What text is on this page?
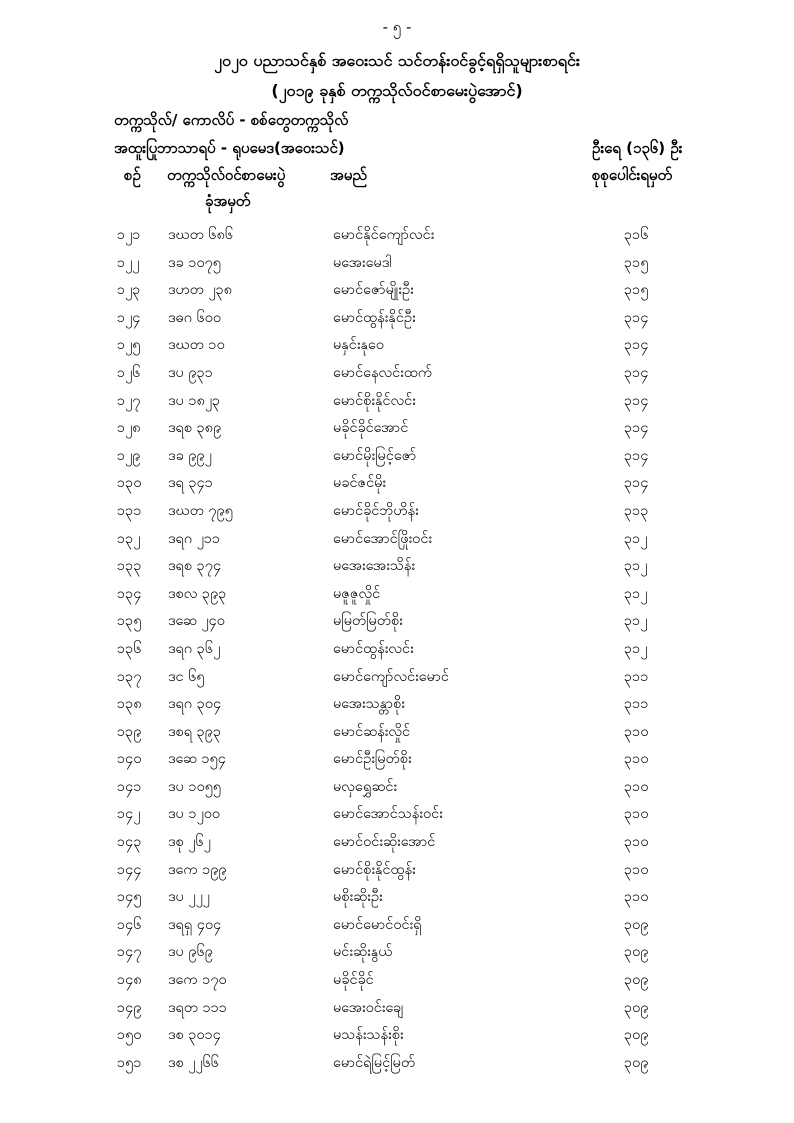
- ၅ -
၂၀၂၀ ပညာသင်နှစ် အဝေးသင် သင်တန်းဝင်ခွင့်ရရှိသူများစာရင်း
(၂၀၁၉ ခုနှစ် တက္ကသိုလ်ဝင်စာမေးပွဲအောင်)
တက္ကသိုလ်/ ကောလိပ် - စစ်တွေတက္ကသိုလ်
အထူးပြုဘာသာရပ် - ရုပမေဒ(အဝေးသင်)	ဦးရေ (၁၃၆) ဦး
စဉ် တက္ကသိုလ်ဝင်စာမေးပွဲ
ခုံအမှတ်
အမည်	စုစုပေါင်းရမှတ်
၁၂၁ ဒဃတ ၆၈၆	မောင်နိုင်ကျော်လင်း	၃၁၆
၁၂၂ ဒခ ၁၀၇၅	မအေးမေဒါ	၃၁၅
၁၂၃ ဒဟတ ၂၃၈	မောင်ဇော်မျိုးဦး	၃၁၅
၁၂၄ ဒဓဂ ၆၀၀	မောင်ထွန်းနိုင်ဦး	၃၁၄
၁၂၅ ဒဃတ ၁၀	မနှင်းနုဝေ	၃၁၄
၁၂၆ ဒပ ၉၃၁	မောင်နေလင်းထက်	၃၁၄
၁၂၇ ဒပ ၁၈၂၃	မောင်စိုးနိုင်လင်း	၃၁၄
၁၂၈ ဒရစ ၃၈၉	မခိုင်ခိုင်အောင်	၃၁၄
၁၂၉ ဒခ ၉၉၂	မောင်မိုးမြင့်ဇော်	၃၁၄
၁၃၀ ဒရ ၃၄၁	မခင်ဇင်မိုး	၃၁၄
၁၃၁ ဒဃတ ၇၉၅	မောင်ခိုင်ဘိုဟိန်း	၃၁၃
၁၃၂ ဒရဂ ၂၁၁	မောင်အောင်ဖြိုးဝင်း	၃၁၂
၁၃၃ ဒရစ ၃၇၄	မအေးအေးသိန်း	၃၁၂
၁၃၄ ဒစလ ၃၉၃	မဇူဇူလှိုင်	၃၁၂
၁၃၅ ဒဆေ ၂၄၀	မမြတ်မြတ်စိုး	၃၁၂
၁၃၆ ဒရဂ ၃၆၂	မောင်ထွန်းလင်း	၃၁၂
၁၃၇ ဒင ၆၅	မောင်ကျော်လင်းမောင်	၃၁၁
၁၃၈ ဒရဂ ၃၀၄	မအေးသန္တာစိုး	၃၁၁
၁၃၉ ဒစရ ၃၉၃	မောင်ဆန်းလှိုင်	၃၁၀
၁၄၀ ဒဆေ ၁၅၄	မောင်ဦးမြတ်စိုး	၃၁၀
၁၄၁ ဒပ ၁၀၅၅	မလှရွှေဆင်း	၃၁၀
၁၄၂ ဒပ ၁၂၀၀	မောင်အောင်သန်းဝင်း	၃၁၀
၁၄၃ ဒစု ၂၆၂	မောင်ဝင်းဆိုးအောင်	၃၁၀
၁၄၄ ဒကေ ၁၉၉	မောင်စိုးနိုင်ထွန်း	၃၁၀
၁၄၅ ဒပ ၂၂၂	မစိုးဆိုးဦး	၃၁၀
၁၄၆ ဒရရှ ၄၀၄	မောင်မောင်ဝင်းရှိ	၃၀၉
၁၄၇ ဒပ ၉၆၉	မင်းဆိုးနွယ်	၃၀၉
၁၄၈ ဒကေ ၁၇၀	မခိုင်ခိုင်	၃၀၉
၁၄၉ ဒရတ ၁၁၁	မအေးဝင်းချေ	၃၀၉
၁၅၀ ဒစ ၃၀၁၄	မသန်းသန်းစိုး	၃၀၉
၁၅၁ ဒစ ၂၂၆၆	မောင်ရဲမြင့်မြတ်	၃၀၉
